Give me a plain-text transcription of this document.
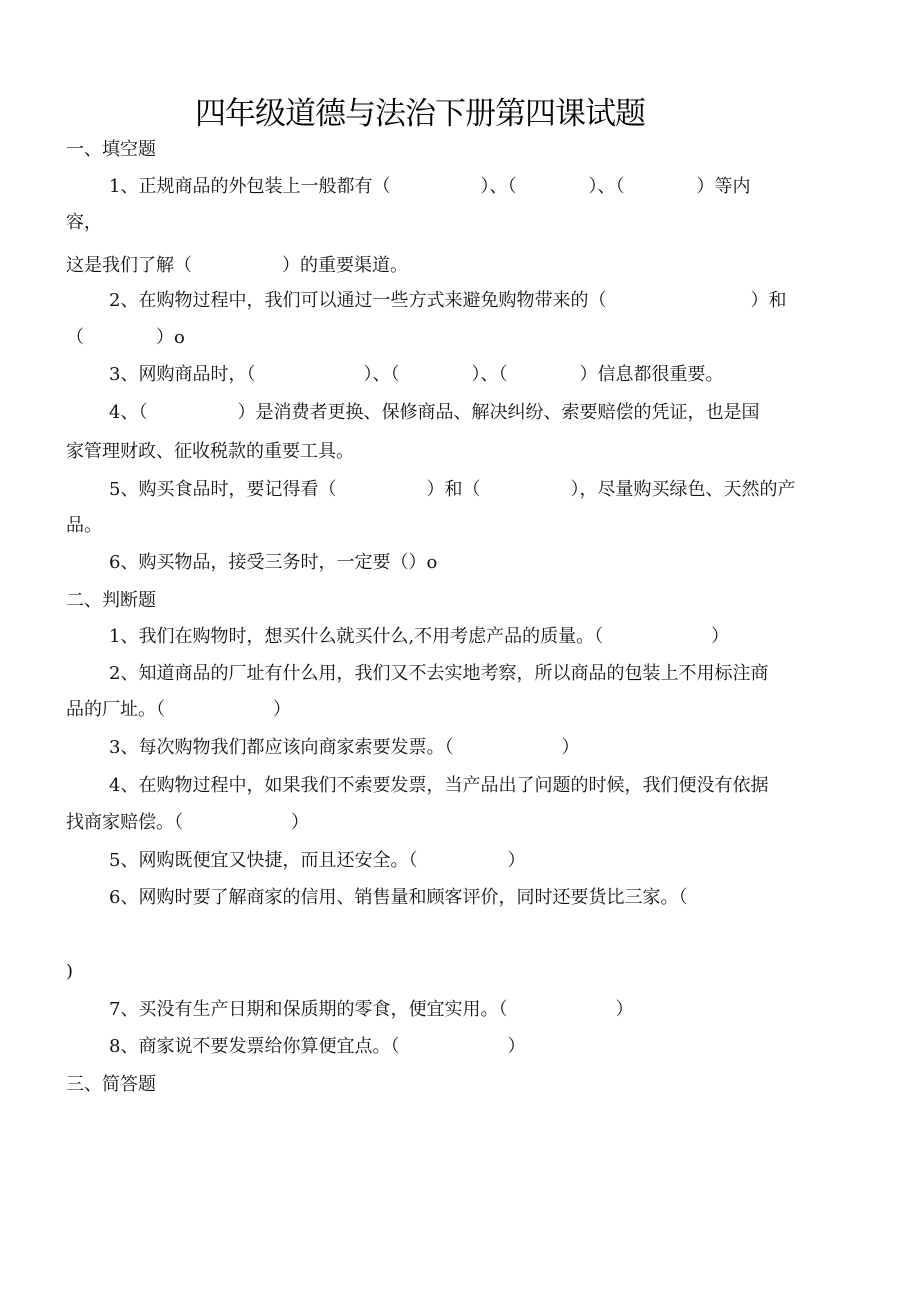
四年级道德与法治下册第四课试题
一、填空题
1、正规商品的外包装上一般都有（　　　　　）、（　　　　）、（　　　　）等内
容，
这是我们了解（　　　　　）的重要渠道。
2、在购物过程中，我们可以通过一些方式来避免购物带来的（　　　　　　　　）和
（　　　　）o
3、网购商品时，（　　　　　　）、（　　　　）、（　　　　）信息都很重要。
4、（　　　　　）是消费者更换、保修商品、解决纠纷、索要赔偿的凭证，也是国
家管理财政、征收税款的重要工具。
5、购买食品时，要记得看（　　　　　）和（　　　　　），尽量购买绿色、天然的产
品。
6、购买物品，接受三务时，一定要（）o
二、判断题
1、我们在购物时，想买什么就买什么,不用考虑产品的质量。（　　　　　　）
2、知道商品的厂址有什么用，我们又不去实地考察，所以商品的包装上不用标注商
品的厂址。（　　　　　　）
3、每次购物我们都应该向商家索要发票。（　　　　　　）
4、在购物过程中，如果我们不索要发票，当产品出了问题的时候，我们便没有依据
找商家赔偿。（　　　　　　）
5、网购既便宜又快捷，而且还安全。（　　　　　）
6、网购时要了解商家的信用、销售量和顾客评价，同时还要货比三家。（
)
7、买没有生产日期和保质期的零食，便宜实用。（　　　　　　）
8、商家说不要发票给你算便宜点。（　　　　　　）
三、简答题
